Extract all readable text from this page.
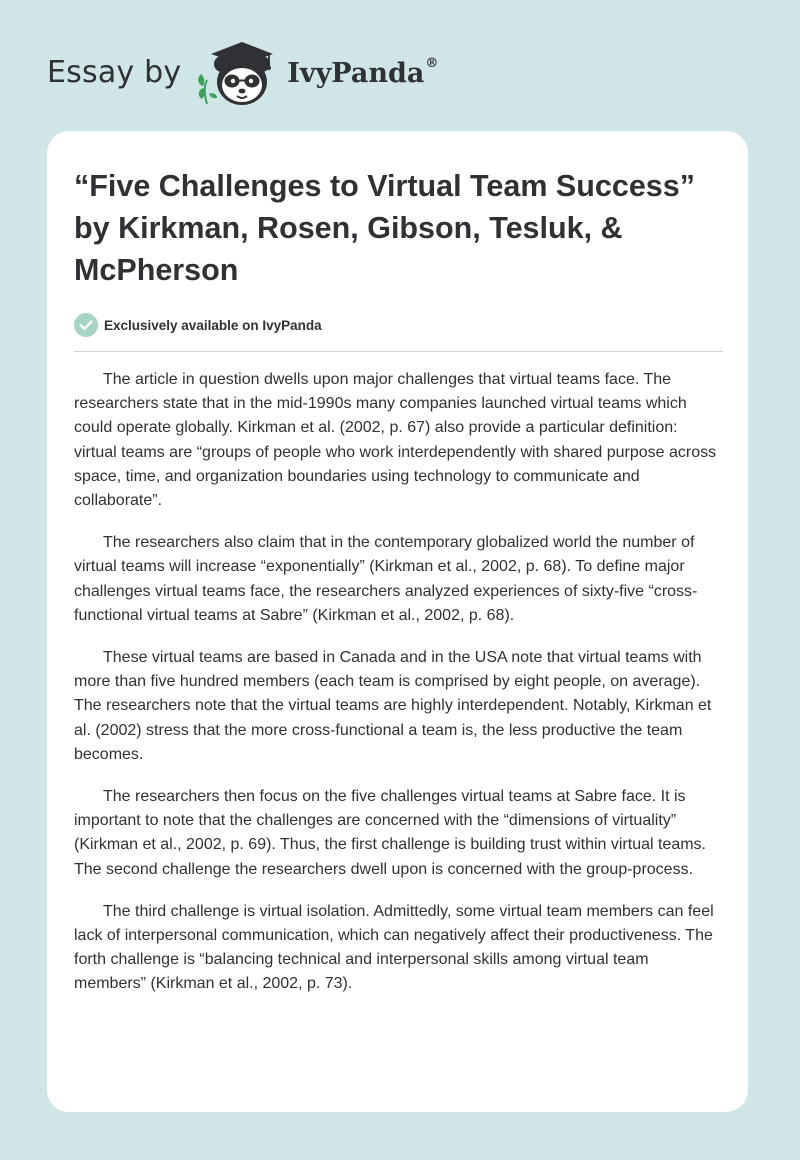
Essay by	IvyPanda®
“Five Challenges to Virtual Team Success” by Kirkman, Rosen, Gibson, Tesluk, & McPherson
Exclusively available on IvyPanda

The article in question dwells upon major challenges that virtual teams face. The researchers state that in the mid-1990s many companies launched virtual teams which could operate globally. Kirkman et al. (2002, p. 67) also provide a particular definition: virtual teams are “groups of people who work interdependently with shared purpose across space, time, and organization boundaries using technology to communicate and collaborate”.

The researchers also claim that in the contemporary globalized world the number of virtual teams will increase “exponentially” (Kirkman et al., 2002, p. 68). To define major challenges virtual teams face, the researchers analyzed experiences of sixty-five “cross-functional virtual teams at Sabre” (Kirkman et al., 2002, p. 68).

These virtual teams are based in Canada and in the USA note that virtual teams with more than five hundred members (each team is comprised by eight people, on average). The researchers note that the virtual teams are highly interdependent. Notably, Kirkman et al. (2002) stress that the more cross-functional a team is, the less productive the team becomes.

The researchers then focus on the five challenges virtual teams at Sabre face. It is important to note that the challenges are concerned with the “dimensions of virtuality” (Kirkman et al., 2002, p. 69). Thus, the first challenge is building trust within virtual teams. The second challenge the researchers dwell upon is concerned with the group-process.

The third challenge is virtual isolation. Admittedly, some virtual team members can feel lack of interpersonal communication, which can negatively affect their productiveness. The forth challenge is “balancing technical and interpersonal skills among virtual team members” (Kirkman et al., 2002, p. 73).
